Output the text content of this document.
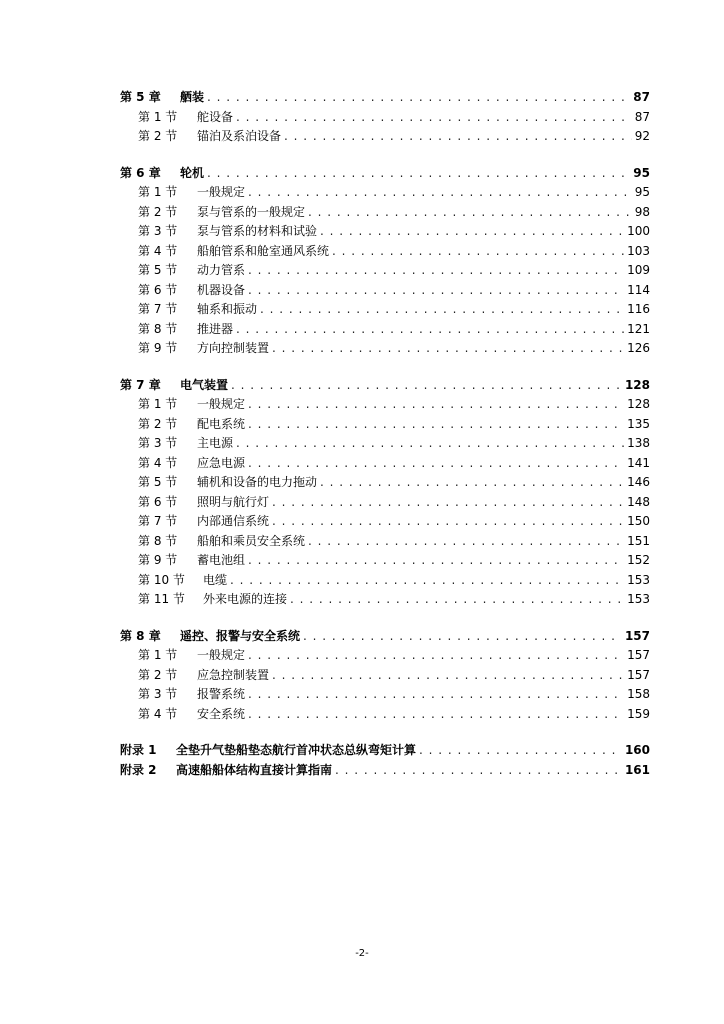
第 5 章	舾装 . . .	87
第 1 节	舵设备 . . .	87
第 2 节	锚泊及系泊设备 . . .	92
第 6 章	轮机 . . .	95
第 1 节	一般规定 . . .	95
第 2 节	泵与管系的一般规定 . . .	98
第 3 节	泵与管系的材料和试验 . . .	100
第 4 节	船舶管系和舱室通风系统 . . .	103
第 5 节	动力管系 . . .	109
第 6 节	机器设备 . . .	114
第 7 节	轴系和振动 . . .	116
第 8 节	推进器 . . .	121
第 9 节	方向控制装置 . . .	126
第 7 章	电气装置 . . .	128
第 1 节	一般规定 . . .	128
第 2 节	配电系统 . . .	135
第 3 节	主电源 . . .	138
第 4 节	应急电源 . . .	141
第 5 节	辅机和设备的电力拖动 . . .	146
第 6 节	照明与航行灯 . . .	148
第 7 节	内部通信系统 . . .	150
第 8 节	船舶和乘员安全系统 . . .	151
第 9 节	蓄电池组 . . .	152
第 10 节	电缆 . . .	153
第 11 节	外来电源的连接 . . .	153
第 8 章	遥控、报警与安全系统 . . .	157
第 1 节	一般规定 . . .	157
第 2 节	应急控制装置 . . .	157
第 3 节	报警系统 . . .	158
第 4 节	安全系统 . . .	159
附录 1	全垫升气垫船垫态航行首冲状态总纵弯矩计算 . . .	160
附录 2	高速船船体结构直接计算指南 . . .	161
-2-
